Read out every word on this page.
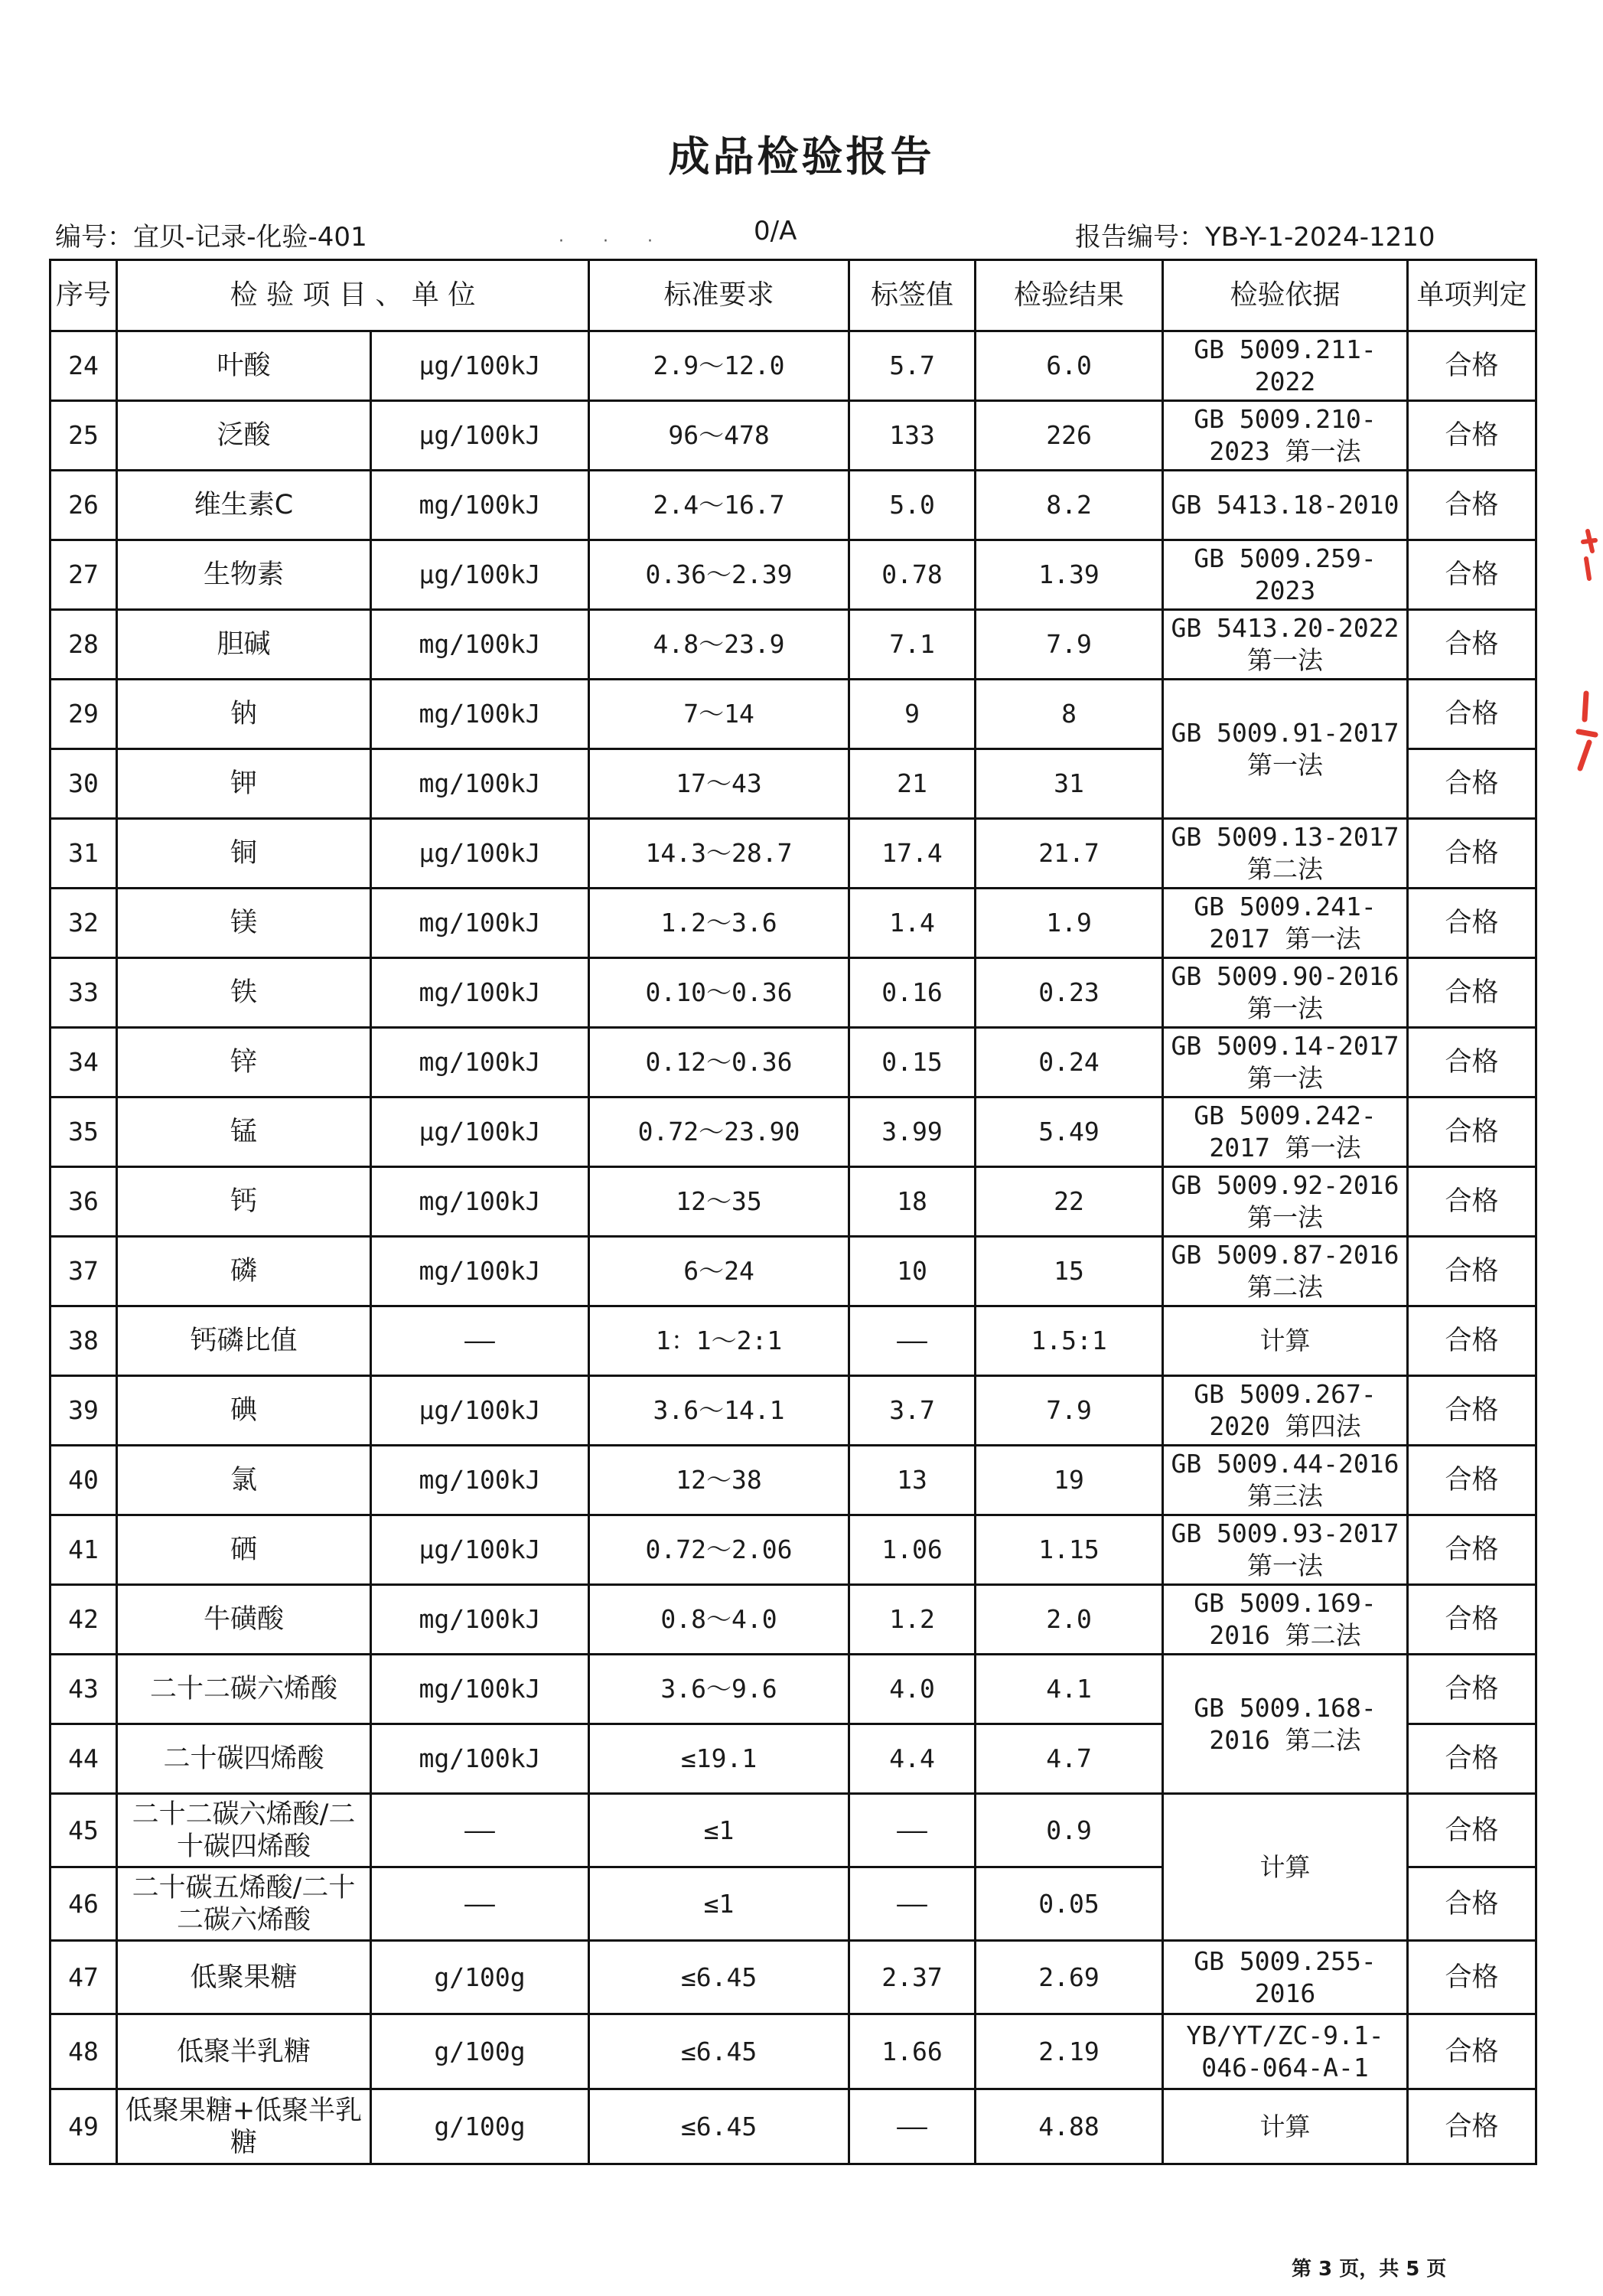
成品检验报告
编号：宜贝-记录-化验-401	· · ·	0/A	报告编号：YB-Y-1-2024-1210
序号	检 验 项 目 、 单 位		标准要求	标签值	检验结果	检验依据	单项判定
24	叶酸	μg/100kJ	2.9～12.0	5.7	6.0	GB 5009.211-2022	合格
25	泛酸	μg/100kJ	96～478	133	226	GB 5009.210-2023 第一法	合格
26	维生素C	mg/100kJ	2.4～16.7	5.0	8.2	GB 5413.18-2010	合格
27	生物素	μg/100kJ	0.36～2.39	0.78	1.39	GB 5009.259-2023	合格
28	胆碱	mg/100kJ	4.8～23.9	7.1	7.9	GB 5413.20-2022 第一法	合格
29	钠	mg/100kJ	7～14	9	8	GB 5009.91-2017 第一法	合格
30	钾	mg/100kJ	17～43	21	31		合格
31	铜	μg/100kJ	14.3～28.7	17.4	21.7	GB 5009.13-2017 第二法	合格
32	镁	mg/100kJ	1.2～3.6	1.4	1.9	GB 5009.241-2017 第一法	合格
33	铁	mg/100kJ	0.10～0.36	0.16	0.23	GB 5009.90-2016 第一法	合格
34	锌	mg/100kJ	0.12～0.36	0.15	0.24	GB 5009.14-2017 第一法	合格
35	锰	μg/100kJ	0.72～23.90	3.99	5.49	GB 5009.242-2017 第一法	合格
36	钙	mg/100kJ	12～35	18	22	GB 5009.92-2016 第一法	合格
37	磷	mg/100kJ	6～24	10	15	GB 5009.87-2016 第二法	合格
38	钙磷比值	——	1：1～2:1	——	1.5:1	计算	合格
39	碘	μg/100kJ	3.6～14.1	3.7	7.9	GB 5009.267-2020 第四法	合格
40	氯	mg/100kJ	12～38	13	19	GB 5009.44-2016 第三法	合格
41	硒	μg/100kJ	0.72～2.06	1.06	1.15	GB 5009.93-2017 第一法	合格
42	牛磺酸	mg/100kJ	0.8～4.0	1.2	2.0	GB 5009.169-2016 第二法	合格
43	二十二碳六烯酸	mg/100kJ	3.6～9.6	4.0	4.1	GB 5009.168-2016 第二法	合格
44	二十碳四烯酸	mg/100kJ	≤19.1	4.4	4.7		合格
45	二十二碳六烯酸/二十碳四烯酸	——	≤1	——	0.9	计算	合格
46	二十碳五烯酸/二十二碳六烯酸	——	≤1	——	0.05		合格
47	低聚果糖	g/100g	≤6.45	2.37	2.69	GB 5009.255-2016	合格
48	低聚半乳糖	g/100g	≤6.45	1.66	2.19	YB/YT/ZC-9.1-046-064-A-1	合格
49	低聚果糖+低聚半乳糖	g/100g	≤6.45	——	4.88	计算	合格
第 3 页，共 5 页
